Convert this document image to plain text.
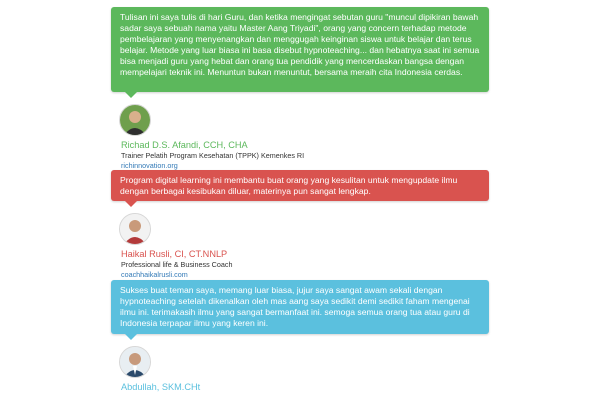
Tulisan ini saya tulis di hari Guru, dan ketika mengingat sebutan guru "muncul dipikiran bawah sadar saya sebuah nama yaitu Master Aang Triyadi", orang yang concern terhadap metode pembelajaran yang menyenangkan dan menggugah keinginan siswa untuk belajar dan terus belajar. Metode yang luar biasa ini basa disebut hypnoteaching... dan hebatnya saat ini semua bisa menjadi guru yang hebat dan orang tua pendidik yang mencerdaskan bangsa dengan mempelajari teknik ini. Menuntun bukan menuntut, bersama meraih cita Indonesia cerdas.
Richad D.S. Afandi, CCH, CHA
Trainer Pelatih Program Kesehatan (TPPK) Kemenkes RI
richinnovation.org
Program digital learning ini membantu buat orang yang kesulitan untuk mengupdate ilmu dengan berbagai kesibukan diluar, materinya pun sangat lengkap.
Haikal Rusli, CI, CT.NNLP
Professional life & Business Coach
coachhaikalrusli.com
Sukses buat teman saya, memang luar biasa, jujur saya sangat awam sekali dengan hypnoteaching setelah dikenalkan oleh mas aang saya sedikit demi sedikit faham mengenai ilmu ini. terimakasih ilmu yang sangat bermanfaat ini. semoga semua orang tua atau guru di Indonesia terpapar ilmu yang keren ini.
Abdullah, SKM.CHt
